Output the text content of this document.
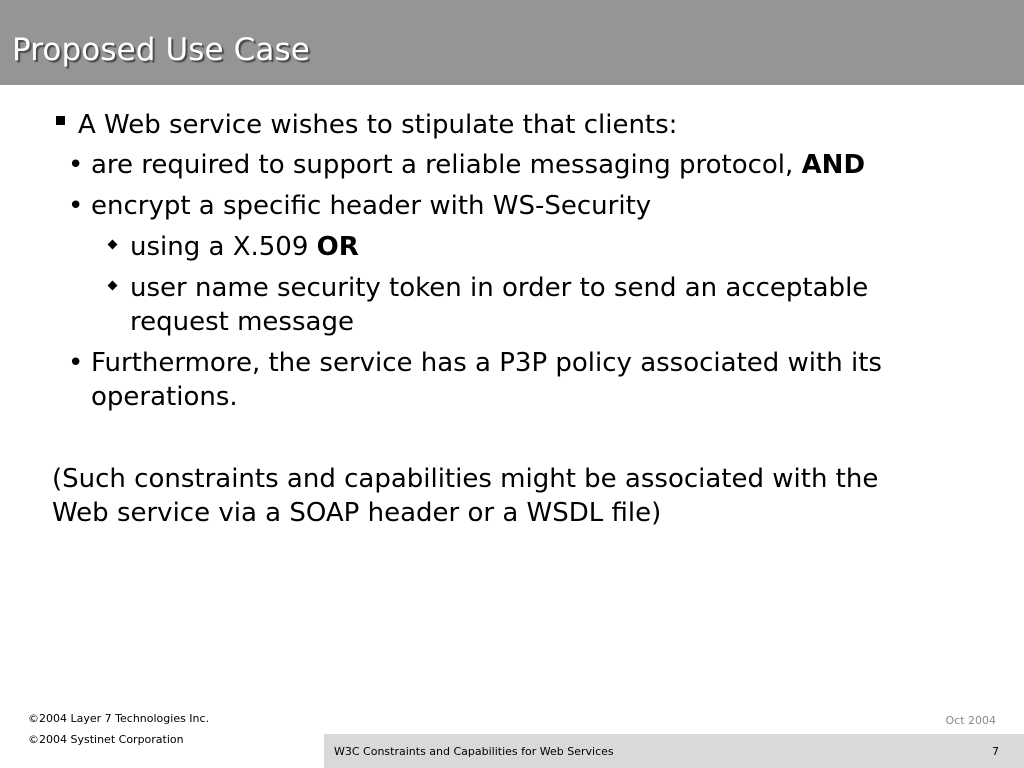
Proposed Use Case
A Web service wishes to stipulate that clients:
• are required to support a reliable messaging protocol, AND
• encrypt a specific header with WS-Security
using a X.509 OR
user name security token in order to send an acceptable
request message
• Furthermore, the service has a P3P policy associated with its
operations.
(Such constraints and capabilities might be associated with the
Web service via a SOAP header or a WSDL file)
©2004 Layer 7 Technologies Inc.
©2004 Systinet Corporation
Oct 2004
W3C Constraints and Capabilities for Web Services	7
